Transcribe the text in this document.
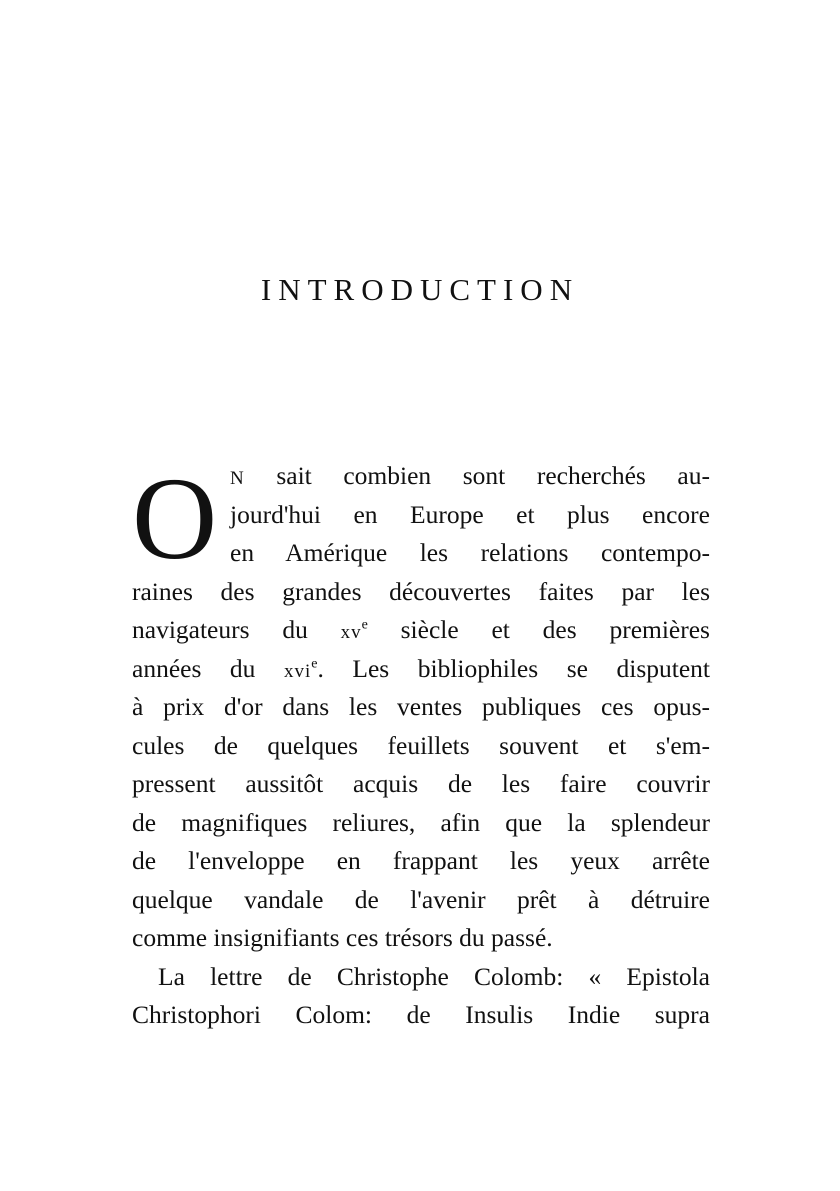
INTRODUCTION
O N sait combien sont recherchés au-
jourd'hui en Europe et plus encore
en Amérique les relations contempo-
raines des grandes découvertes faites par les
navigateurs du $xv^e$ siècle et des premières
années du xvi$^e$. Les bibliophiles se disputent
à prix d'or dans les ventes publiques ces opus-
cules de quelques feuillets souvent et s'em-
pressent aussitôt acquis de les faire couvrir
de magnifiques reliures, afin que la splendeur
de l'enveloppe en frappant les yeux arrête
quelque vandale de l'avenir prêt à détruire
comme insignifiants ces trésors du passé.
La lettre de Christophe Colomb: « Epistola
Christophori Colom: de Insulis Indie supra
